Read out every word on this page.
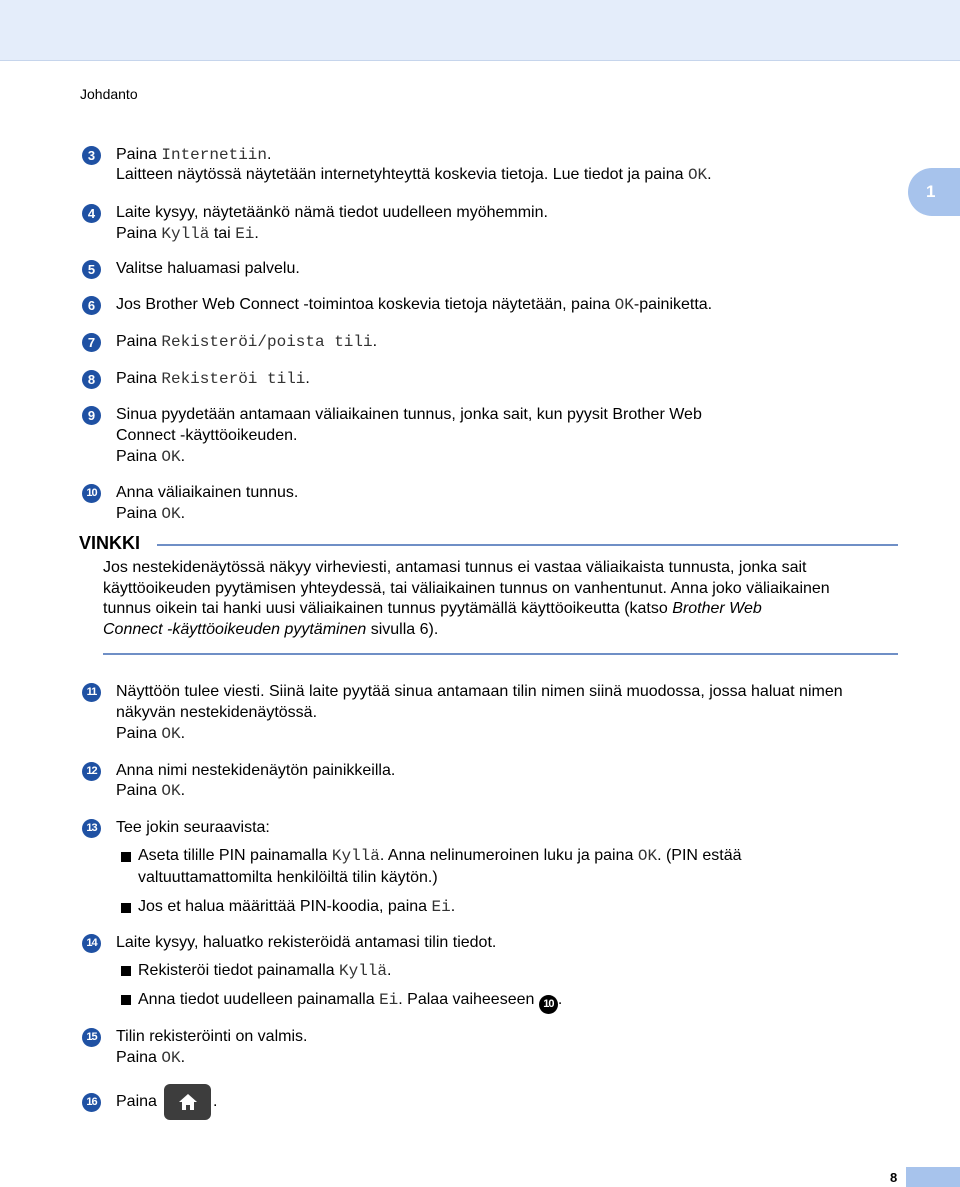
Johdanto
1
3	Paina Internetiin.
Laitteen näytössä näytetään internetyhteyttä koskevia tietoja. Lue tiedot ja paina OK.
4	Laite kysyy, näytetäänkö nämä tiedot uudelleen myöhemmin.
Paina Kyllä tai Ei.
5	Valitse haluamasi palvelu.
6	Jos Brother Web Connect -toimintoa koskevia tietoja näytetään, paina OK-painiketta.
7	Paina Rekisteröi/poista tili.
8	Paina Rekisteröi tili.
9	Sinua pyydetään antamaan väliaikainen tunnus, jonka sait, kun pyysit Brother Web
Connect -käyttöoikeuden.
Paina OK.
10 Anna väliaikainen tunnus.
Paina OK.
VINKKI
Jos nestekidenäytössä näkyy virheviesti, antamasi tunnus ei vastaa väliaikaista tunnusta, jonka sait
käyttöoikeuden pyytämisen yhteydessä, tai väliaikainen tunnus on vanhentunut. Anna joko väliaikainen
tunnus oikein tai hanki uusi väliaikainen tunnus pyytämällä käyttöoikeutta (katso Brother Web
Connect -käyttöoikeuden pyytäminen sivulla 6).
11 Näyttöön tulee viesti. Siinä laite pyytää sinua antamaan tilin nimen siinä muodossa, jossa haluat nimen
näkyvän nestekidenäytössä.
Paina OK.
12 Anna nimi nestekidenäytön painikkeilla.
Paina OK.
13 Tee jokin seuraavista:
Aseta tilille PIN painamalla Kyllä. Anna nelinumeroinen luku ja paina OK. (PIN estää
valtuuttamattomilta henkilöiltä tilin käytön.)
Jos et halua määrittää PIN-koodia, paina Ei.
14 Laite kysyy, haluatko rekisteröidä antamasi tilin tiedot.
Rekisteröi tiedot painamalla Kyllä.
Anna tiedot uudelleen painamalla Ei. Palaa vaiheeseen 10 .
15 Tilin rekisteröinti on valmis.
Paina OK.
16 Paina	.
8
